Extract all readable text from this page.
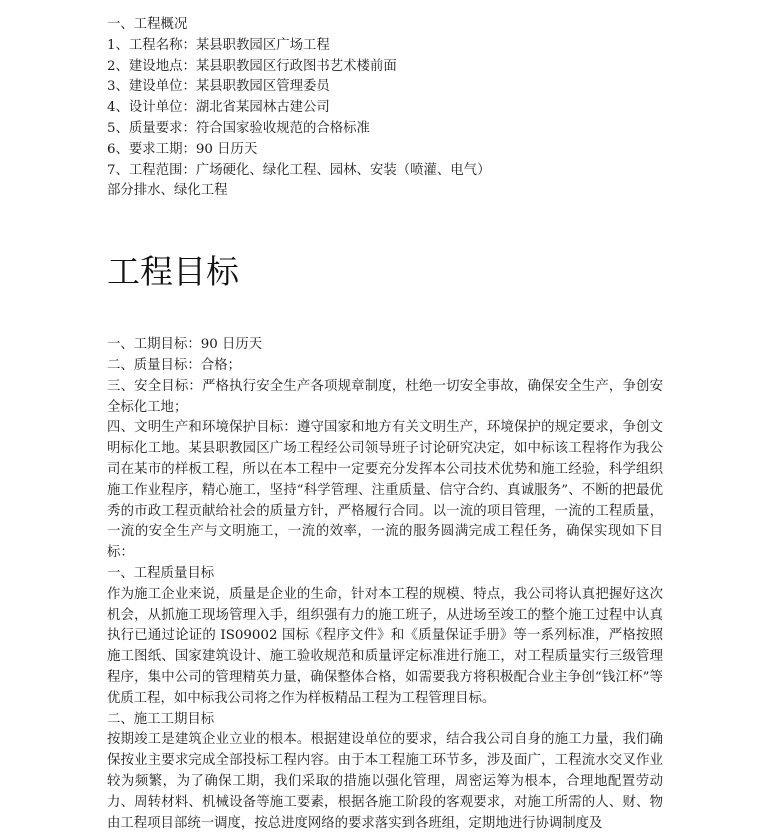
一、工程概况
1、工程名称：某县职教园区广场工程
2、建设地点：某县职教园区行政图书艺术楼前面
3、建设单位：某县职教园区管理委员
4、设计单位：湖北省某园林古建公司
5、质量要求：符合国家验收规范的合格标准
6、要求工期：90 日历天
7、工程范围：广场硬化、绿化工程、园林、安装（喷灌、电气）
部分排水、绿化工程
工程目标
一、工期目标：90 日历天
二、质量目标：合格；

三、安全目标：严格执行安全生产各项规章制度，杜绝一切安全事故，确保安全生产，争创安全标化工地；

四、文明生产和环境保护目标：遵守国家和地方有关文明生产，环境保护的规定要求，争创文明标化工地。某县职教园区广场工程经公司领导班子讨论研究决定，如中标该工程将作为我公司在某市的样板工程，所以在本工程中一定要充分发挥本公司技术优势和施工经验，科学组织施工作业程序，精心施工，坚持“科学管理、注重质量、信守合约、真诚服务”、不断的把最优秀的市政工程贡献给社会的质量方针，严格履行合同。以一流的项目管理，一流的工程质量，一流的安全生产与文明施工，一流的效率，一流的服务圆满完成工程任务，确保实现如下目标：

一、工程质量目标

作为施工企业来说，质量是企业的生命，针对本工程的规模、特点，我公司将认真把握好这次机会，从抓施工现场管理入手，组织强有力的施工班子，从进场至竣工的整个施工过程中认真执行已通过论证的 IS09002 国标《程序文件》和《质量保证手册》等一系列标准，严格按照施工图纸、国家建筑设计、施工验收规范和质量评定标准进行施工，对工程质量实行三级管理程序，集中公司的管理精英力量，确保整体合格，如需要我方将积极配合业主争创“钱江杯”等优质工程，如中标我公司将之作为样板精品工程为工程管理目标。

二、施工工期目标

按期竣工是建筑企业立业的根本。根据建设单位的要求，结合我公司自身的施工力量，我们确保按业主要求完成全部投标工程内容。由于本工程施工环节多，涉及面广，工程流水交叉作业较为频繁，为了确保工期，我们采取的措施以强化管理，周密运筹为根本，合理地配置劳动力、周转材料、机械设备等施工要素，根据各施工阶段的客观要求，对施工所需的人、财、物由工程项目部统一调度，按总进度网络的要求落实到各班组，定期地进行协调制度及
